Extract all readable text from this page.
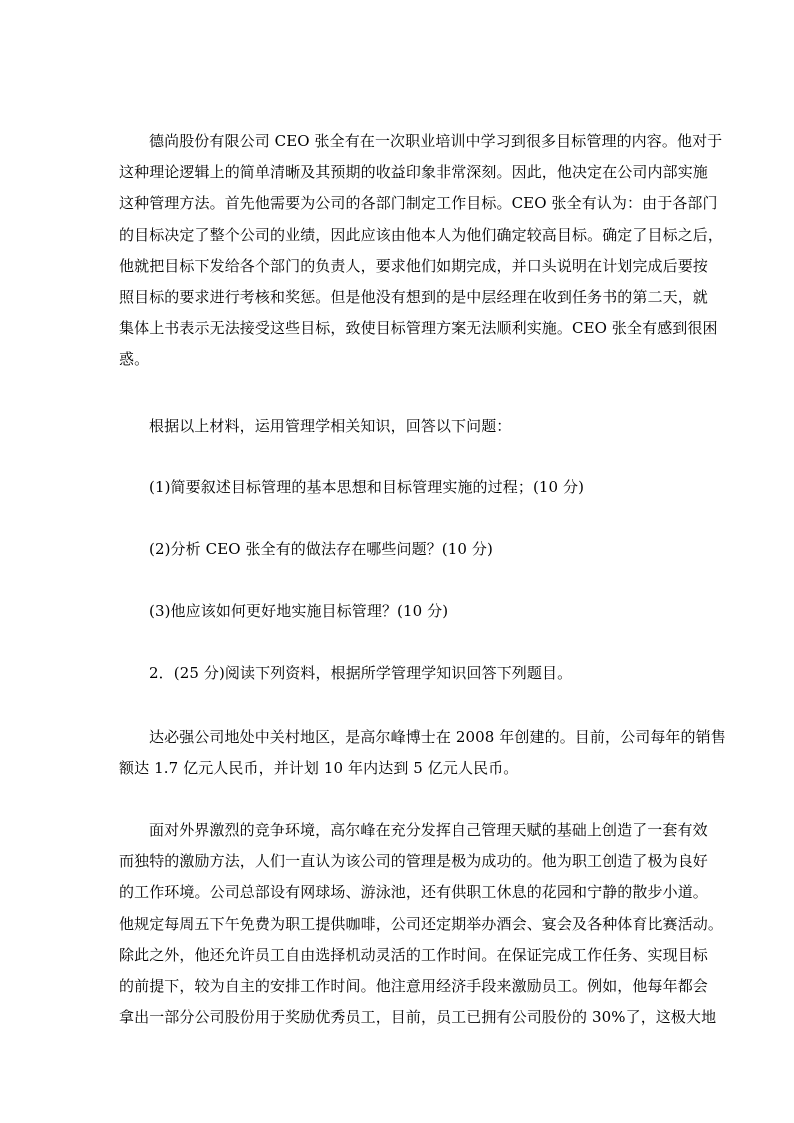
德尚股份有限公司 CEO 张全有在一次职业培训中学习到很多目标管理的内容。他对于
这种理论逻辑上的简单清晰及其预期的收益印象非常深刻。因此，他决定在公司内部实施
这种管理方法。首先他需要为公司的各部门制定工作目标。CEO 张全有认为：由于各部门
的目标决定了整个公司的业绩，因此应该由他本人为他们确定较高目标。确定了目标之后，
他就把目标下发给各个部门的负责人，要求他们如期完成，并口头说明在计划完成后要按
照目标的要求进行考核和奖惩。但是他没有想到的是中层经理在收到任务书的第二天，就
集体上书表示无法接受这些目标，致使目标管理方案无法顺利实施。CEO 张全有感到很困
惑。

根据以上材料，运用管理学相关知识，回答以下问题：

(1)简要叙述目标管理的基本思想和目标管理实施的过程；(10 分)

(2)分析 CEO 张全有的做法存在哪些问题？(10 分)

(3)他应该如何更好地实施目标管理？(10 分)

2．(25 分)阅读下列资料，根据所学管理学知识回答下列题目。

达必强公司地处中关村地区，是高尔峰博士在 2008 年创建的。目前，公司每年的销售
额达 1.7 亿元人民币，并计划 10 年内达到 5 亿元人民币。
面对外界激烈的竞争环境，高尔峰在充分发挥自己管理天赋的基础上创造了一套有效
而独特的激励方法，人们一直认为该公司的管理是极为成功的。他为职工创造了极为良好
的工作环境。公司总部设有网球场、游泳池，还有供职工休息的花园和宁静的散步小道。
他规定每周五下午免费为职工提供咖啡，公司还定期举办酒会、宴会及各种体育比赛活动。
除此之外，他还允许员工自由选择机动灵活的工作时间。在保证完成工作任务、实现目标
的前提下，较为自主的安排工作时间。他注意用经济手段来激励员工。例如，他每年都会
拿出一部分公司股份用于奖励优秀员工，目前，员工已拥有公司股份的 30%了，这极大地
